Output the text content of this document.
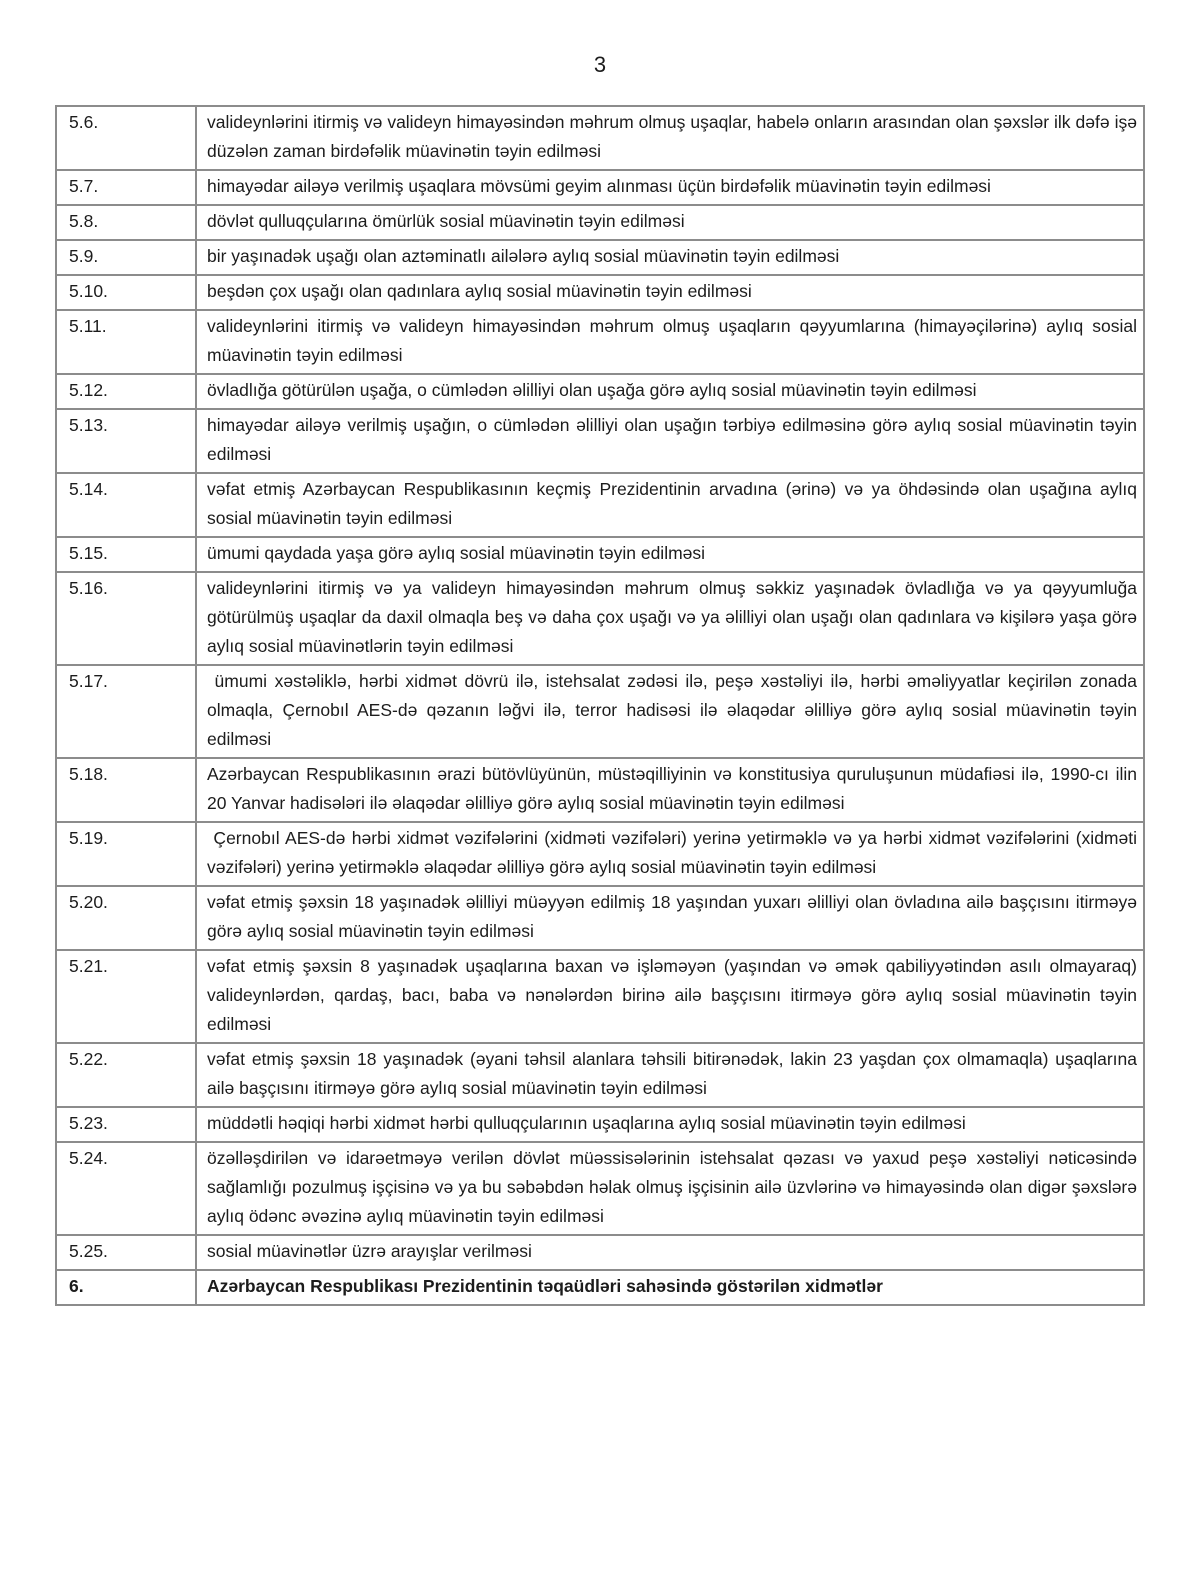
3
5.6.	valideynlərini itirmiş və valideyn himayəsindən məhrum olmuş uşaqlar, habelə onların arasından olan şəxslər ilk dəfə işə düzələn zaman birdəfəlik müavinətin təyin edilməsi
5.7.	himayədar ailəyə verilmiş uşaqlara mövsümi geyim alınması üçün birdəfəlik müavinətin təyin edilməsi
5.8.	dövlət qulluqçularına ömürlük sosial müavinətin təyin edilməsi
5.9.	bir yaşınadək uşağı olan aztəminatlı ailələrə aylıq sosial müavinətin təyin edilməsi
5.10.	beşdən çox uşağı olan qadınlara aylıq sosial müavinətin təyin edilməsi
5.11.	valideynlərini itirmiş və valideyn himayəsindən məhrum olmuş uşaqların qəyyumlarına (himayəçilərinə) aylıq sosial müavinətin təyin edilməsi
5.12.	övladlığa götürülən uşağa, o cümlədən əlilliyi olan uşağa görə aylıq sosial müavinətin təyin edilməsi
5.13.	himayədar ailəyə verilmiş uşağın, o cümlədən əlilliyi olan uşağın tərbiyə edilməsinə görə aylıq sosial müavinətin təyin edilməsi
5.14.	vəfat etmiş Azərbaycan Respublikasının keçmiş Prezidentinin arvadına (ərinə) və ya öhdəsində olan uşağına aylıq sosial müavinətin təyin edilməsi
5.15.	ümumi qaydada yaşa görə aylıq sosial müavinətin təyin edilməsi
5.16.	valideynlərini itirmiş və ya valideyn himayəsindən məhrum olmuş səkkiz yaşınadək övladlığa və ya qəyyumluğa götürülmüş uşaqlar da daxil olmaqla beş və daha çox uşağı və ya əlilliyi olan uşağı olan qadınlara və kişilərə yaşa görə aylıq sosial müavinətlərin təyin edilməsi
5.17.	ümumi xəstəliklə, hərbi xidmət dövrü ilə, istehsalat zədəsi ilə, peşə xəstəliyi ilə, hərbi əməliyyatlar keçirilən zonada olmaqla, Çernobıl AES-də qəzanın ləğvi ilə, terror hadisəsi ilə əlaqədar əlilliyə görə aylıq sosial müavinətin təyin edilməsi
5.18.	Azərbaycan Respublikasının ərazi bütövlüyünün, müstəqilliyinin və konstitusiya quruluşunun müdafiəsi ilə, 1990-cı ilin 20 Yanvar hadisələri ilə əlaqədar əlilliyə görə aylıq sosial müavinətin təyin edilməsi
5.19.	Çernobıl AES-də hərbi xidmət vəzifələrini (xidməti vəzifələri) yerinə yetirməklə və ya hərbi xidmət vəzifələrini (xidməti vəzifələri) yerinə yetirməklə əlaqədar əlilliyə görə aylıq sosial müavinətin təyin edilməsi
5.20.	vəfat etmiş şəxsin 18 yaşınadək əlilliyi müəyyən edilmiş 18 yaşından yuxarı əlilliyi olan övladına ailə başçısını itirməyə görə aylıq sosial müavinətin təyin edilməsi
5.21.	vəfat etmiş şəxsin 8 yaşınadək uşaqlarına baxan və işləməyən (yaşından və əmək qabiliyyətindən asılı olmayaraq) valideynlərdən, qardaş, bacı, baba və nənələrdən birinə ailə başçısını itirməyə görə aylıq sosial müavinətin təyin edilməsi
5.22.	vəfat etmiş şəxsin 18 yaşınadək (əyani təhsil alanlara təhsili bitirənədək, lakin 23 yaşdan çox olmamaqla) uşaqlarına ailə başçısını itirməyə görə aylıq sosial müavinətin təyin edilməsi
5.23.	müddətli həqiqi hərbi xidmət hərbi qulluqçularının uşaqlarına aylıq sosial müavinətin təyin edilməsi
5.24.	özəlləşdirilən və idarəetməyə verilən dövlət müəssisələrinin istehsalat qəzası və yaxud peşə xəstəliyi nəticəsində sağlamlığı pozulmuş işçisinə və ya bu səbəbdən həlak olmuş işçisinin ailə üzvlərinə və himayəsində olan digər şəxslərə aylıq ödənc əvəzinə aylıq müavinətin təyin edilməsi
5.25.	sosial müavinətlər üzrə arayışlar verilməsi
6.	Azərbaycan Respublikası Prezidentinin təqaüdləri sahəsində göstərilən xidmətlər
